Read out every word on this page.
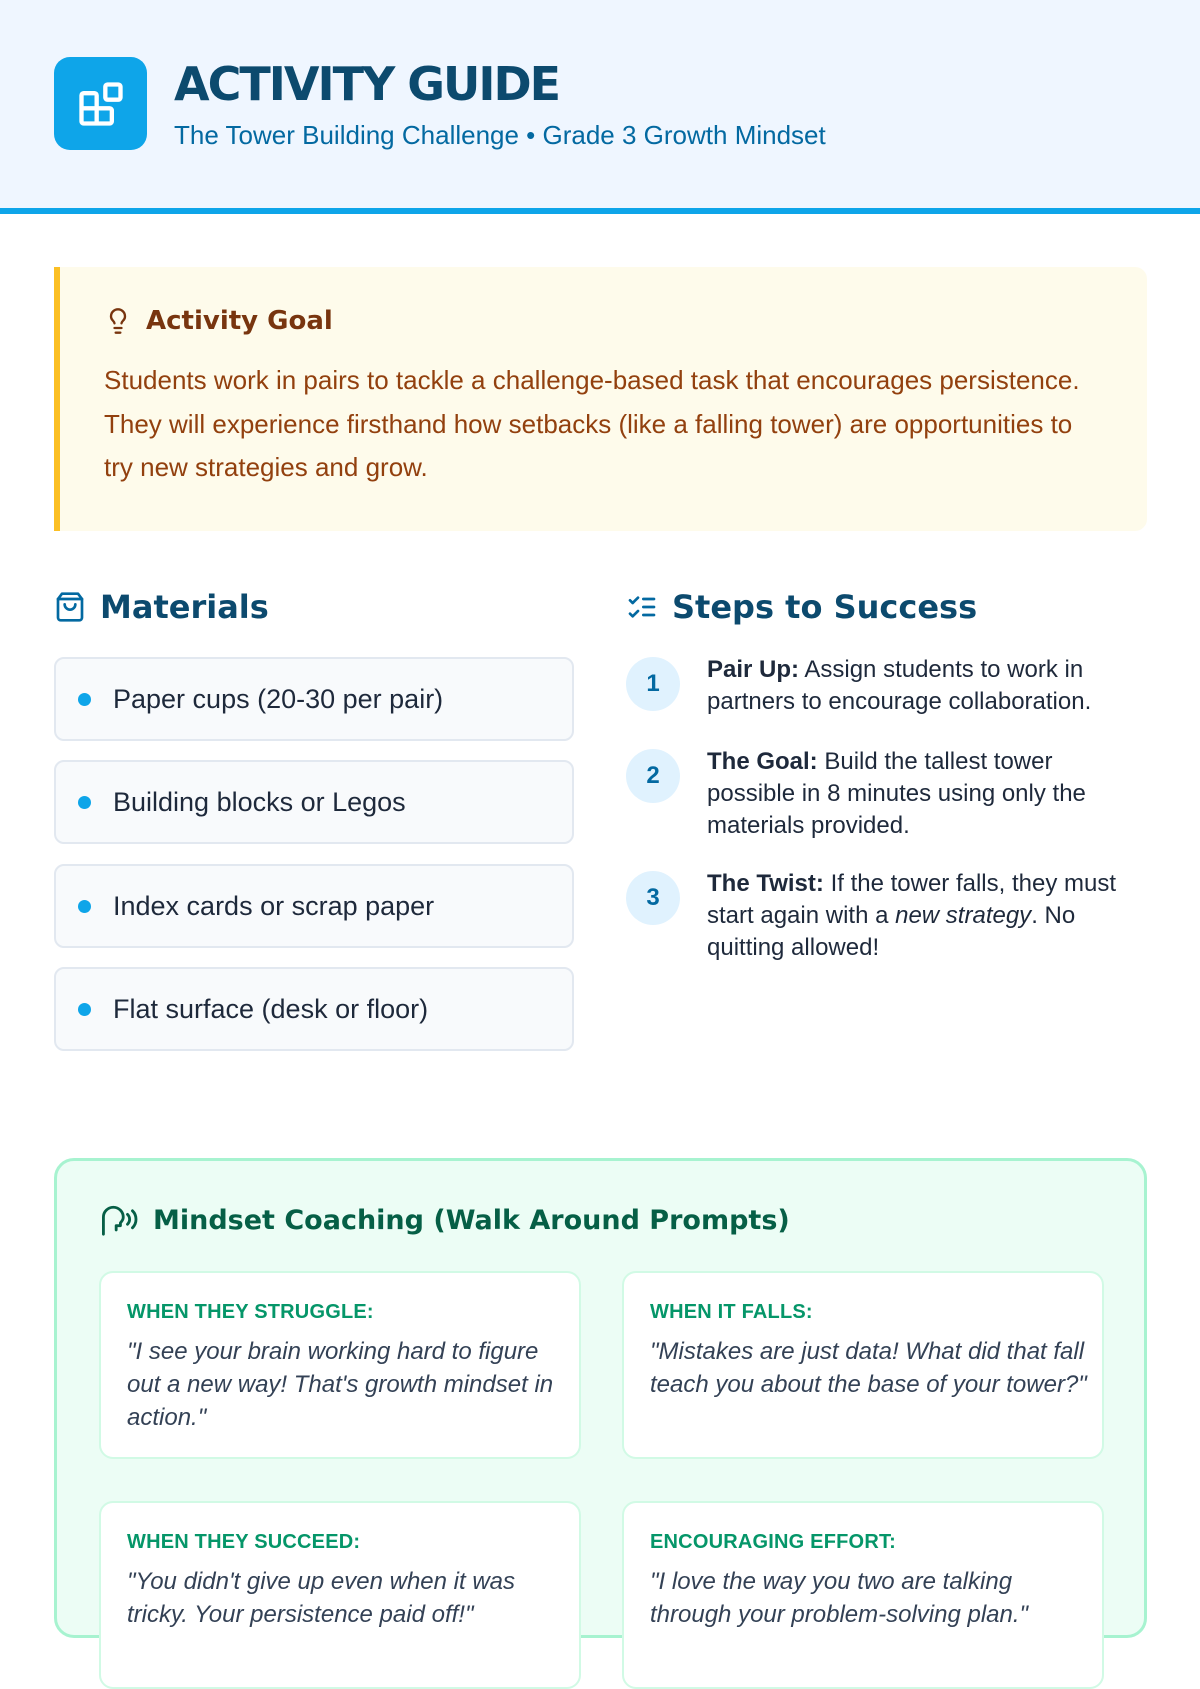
ACTIVITY GUIDE
The Tower Building Challenge • Grade 3 Growth Mindset
Activity Goal

Students work in pairs to tackle a challenge-based task that encourages persistence. They will experience firsthand how setbacks (like a falling tower) are opportunities to try new strategies and grow.

Materials
Paper cups (20-30 per pair)
Building blocks or Legos
Index cards or scrap paper
Flat surface (desk or floor)
Steps to Success
1
Pair Up: Assign students to work in partners to encourage collaboration.
2
The Goal: Build the tallest tower possible in 8 minutes using only the materials provided.
3
The Twist: If the tower falls, they must start again with a new strategy. No quitting allowed!
Mindset Coaching (Walk Around Prompts)
WHEN THEY STRUGGLE:

"I see your brain working hard to figure out a new way! That's growth mindset in action."

WHEN IT FALLS:

"Mistakes are just data! What did that fall teach you about the base of your tower?"

WHEN THEY SUCCEED:

"You didn't give up even when it was tricky. Your persistence paid off!"

ENCOURAGING EFFORT:

"I love the way you two are talking through your problem-solving plan."
